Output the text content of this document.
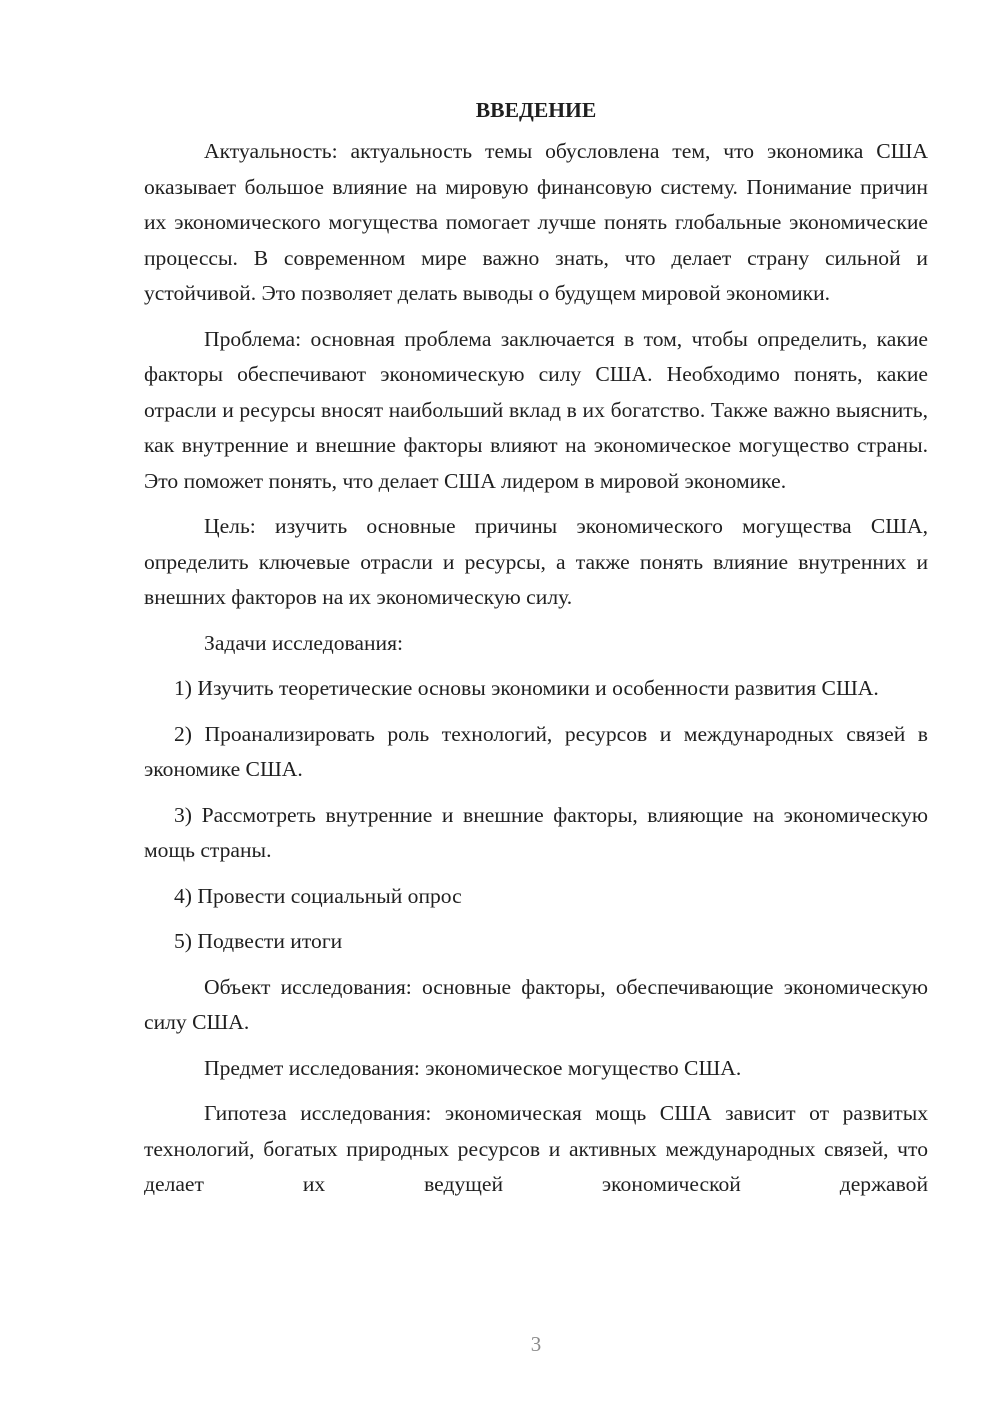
ВВЕДЕНИЕ

Актуальность: актуальность темы обусловлена тем, что экономика США оказывает большое влияние на мировую финансовую систему. Понимание причин их экономического могущества помогает лучше понять глобальные экономические процессы. В современном мире важно знать, что делает страну сильной и устойчивой. Это позволяет делать выводы о будущем мировой экономики.

Проблема: основная проблема заключается в том, чтобы определить, какие факторы обеспечивают экономическую силу США. Необходимо понять, какие отрасли и ресурсы вносят наибольший вклад в их богатство. Также важно выяснить, как внутренние и внешние факторы влияют на экономическое могущество страны. Это поможет понять, что делает США лидером в мировой экономике.

Цель: изучить основные причины экономического могущества США, определить ключевые отрасли и ресурсы, а также понять влияние внутренних и внешних факторов на их экономическую силу.

Задачи исследования:

1) Изучить теоретические основы экономики и особенности развития США.

2) Проанализировать роль технологий, ресурсов и международных связей в экономике США.

3) Рассмотреть внутренние и внешние факторы, влияющие на экономическую мощь страны.

4) Провести социальный опрос

5) Подвести итоги

Объект исследования: основные факторы, обеспечивающие экономическую силу США.

Предмет исследования: экономическое могущество США.

Гипотеза исследования: экономическая мощь США зависит от развитых технологий, богатых природных ресурсов и активных международных связей, что делает их ведущей экономической державой

3
